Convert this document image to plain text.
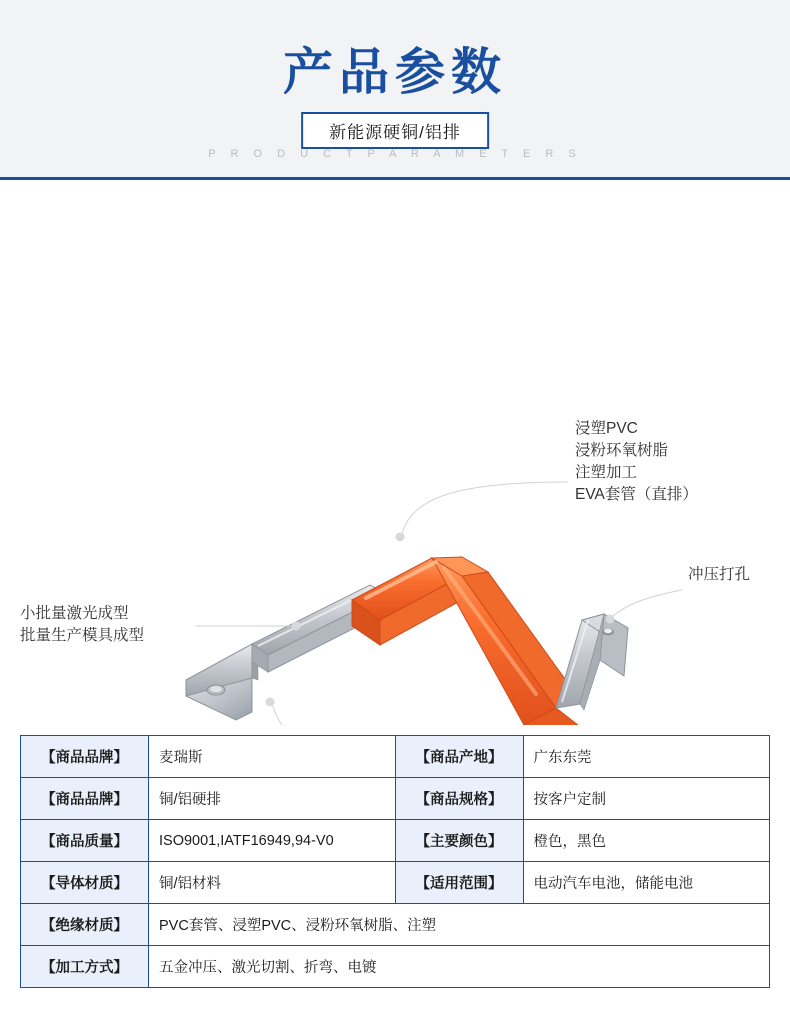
产品参数
新能源硬铜/铝排
P R O D U C T P A R A M E T E R S
浸塑PVC
浸粉环氧树脂
注塑加工
EVA套管（直排）
冲压打孔
小批量激光成型
批量生产模具成型
【商品品牌】	麦瑞斯	【商品产地】	广东东莞
【商品品牌】	铜/铝硬排	【商品规格】	按客户定制
【商品质量】	ISO9001,IATF16949,94-V0	【主要颜色】	橙色，黑色
【导体材质】	铜/铝材料	【适用范围】	电动汽车电池，储能电池
【绝缘材质】	PVC套管、浸塑PVC、浸粉环氧树脂、注塑		
【加工方式】	五金冲压、激光切割、折弯、电镀		
